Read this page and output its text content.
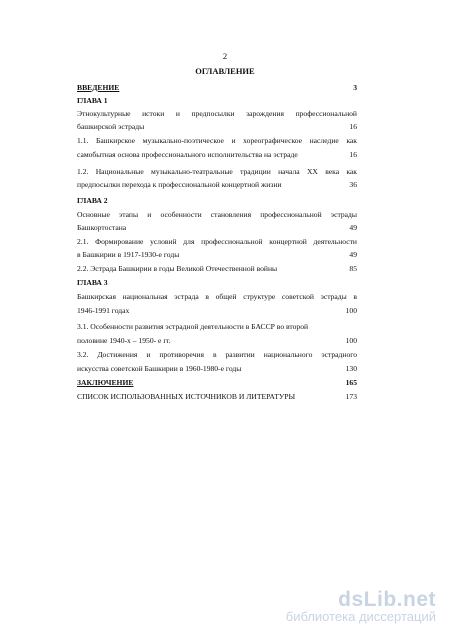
2
ОГЛАВЛЕНИЕ
ВВЕДЕНИЕ	3
ГЛАВА 1
Этнокультурные истоки и предпосылки зарождения профессиональной
башкирской эстрады	16
1.1. Башкирское музыкально-поэтическое и хореографическое наследие как
самобытная основа профессионального исполнительства на эстраде	16
1.2. Национальные музыкально-театральные традиции начала XX века как
предпосылки перехода к профессиональной концертной жизни	36
ГЛАВА 2
Основные этапы и особенности становления профессиональной эстрады
Башкортостана	49
2.1. Формирование условий для профессиональной концертной деятельности
в Башкирии в 1917-1930-е годы	49
2.2. Эстрада Башкирии в годы Великой Отечественной войны	85
ГЛАВА 3
Башкирская национальная эстрада в общей структуре советской эстрады в
1946-1991 годах	100
3.1. Особенности развития эстрадной деятельности в БАССР во второй
половине 1940-х – 1950- е гг.	100
3.2. Достижения и противоречия в развитии национального эстрадного
искусства советской Башкирии в 1960-1980-е годы	130
ЗАКЛЮЧЕНИЕ	165
СПИСОК ИСПОЛЬЗОВАННЫХ ИСТОЧНИКОВ И ЛИТЕРАТУРЫ	173
dsLib.net
библиотека диссертаций
